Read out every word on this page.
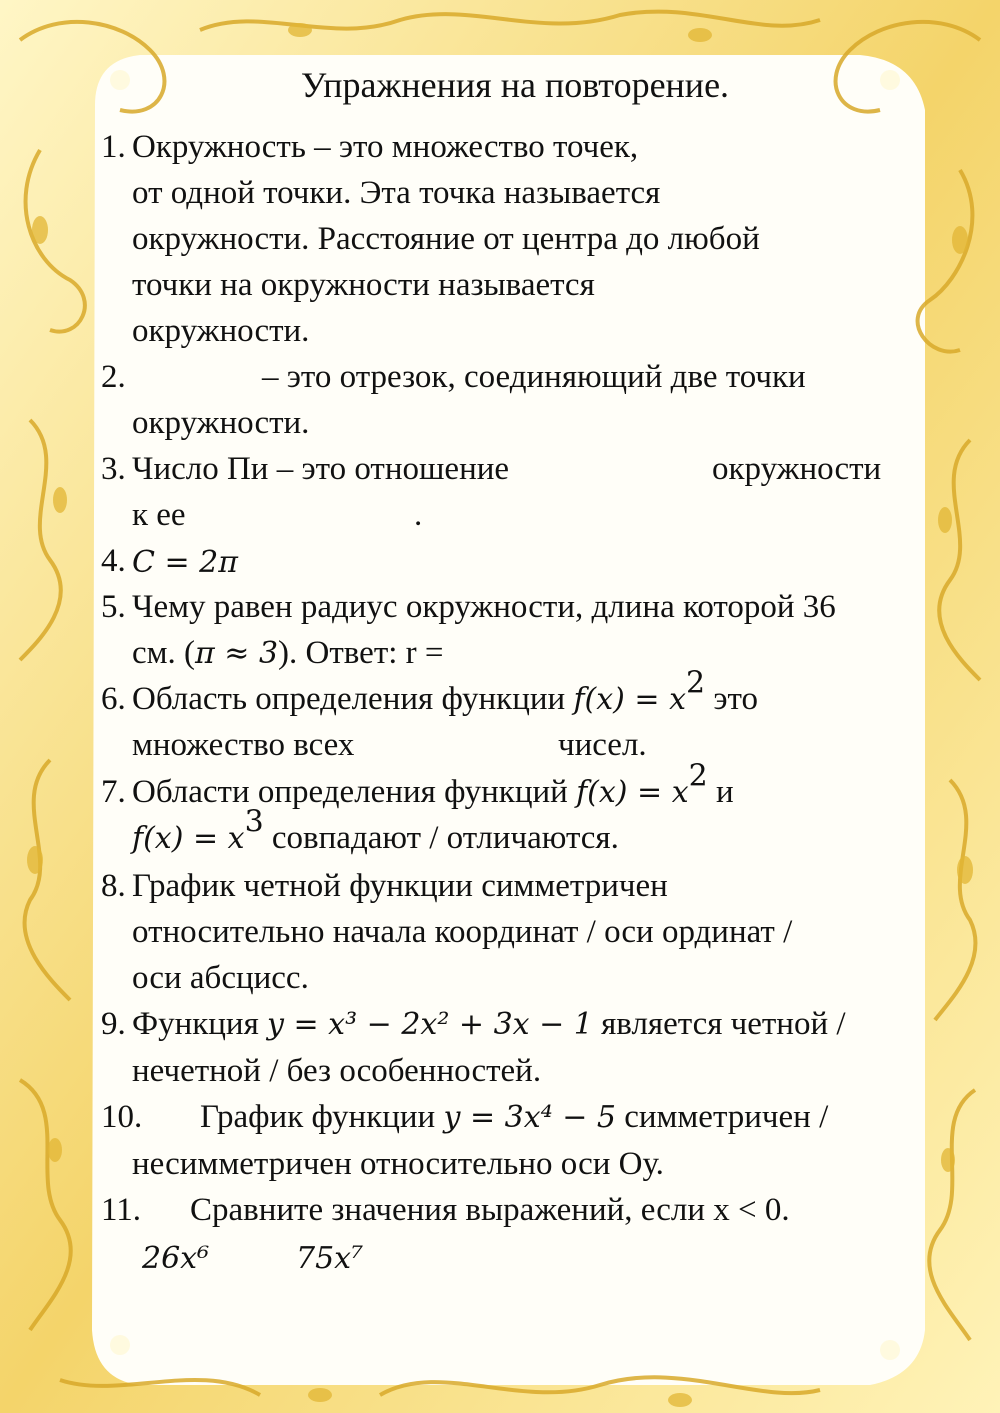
Упражнения на повторение.
1. Окружность – это множество точек,
от одной точки. Эта точка называется
окружности. Расстояние от центра до любой
точки на окружности называется
окружности.
2.	– это отрезок, соединяющий две точки
окружности.
3. Число Пи – это отношение	окружности
к ее	.
4. C = 2π
5. Чему равен радиус окружности, длина которой 36
см. (π ≈ 3). Ответ: r =
6. Область определения функции $f(x) = x^2$ это
множество всех	чисел.
7. Области определения функций $f(x) = x^2$ и
$f(x) = x^3$ совпадают / отличаются.
8. График четной функции симметричен
относительно начала координат / оси ординат /
оси абсцисс.
9. Функция y = x³ − 2x² + 3x − 1 является четной /
нечетной / без особенностей.
10. График функции y = 3x⁴ − 5 симметричен /
несимметричен относительно оси Оу.
11. Сравните значения выражений, если x < 0.
26x⁶	75x⁷
